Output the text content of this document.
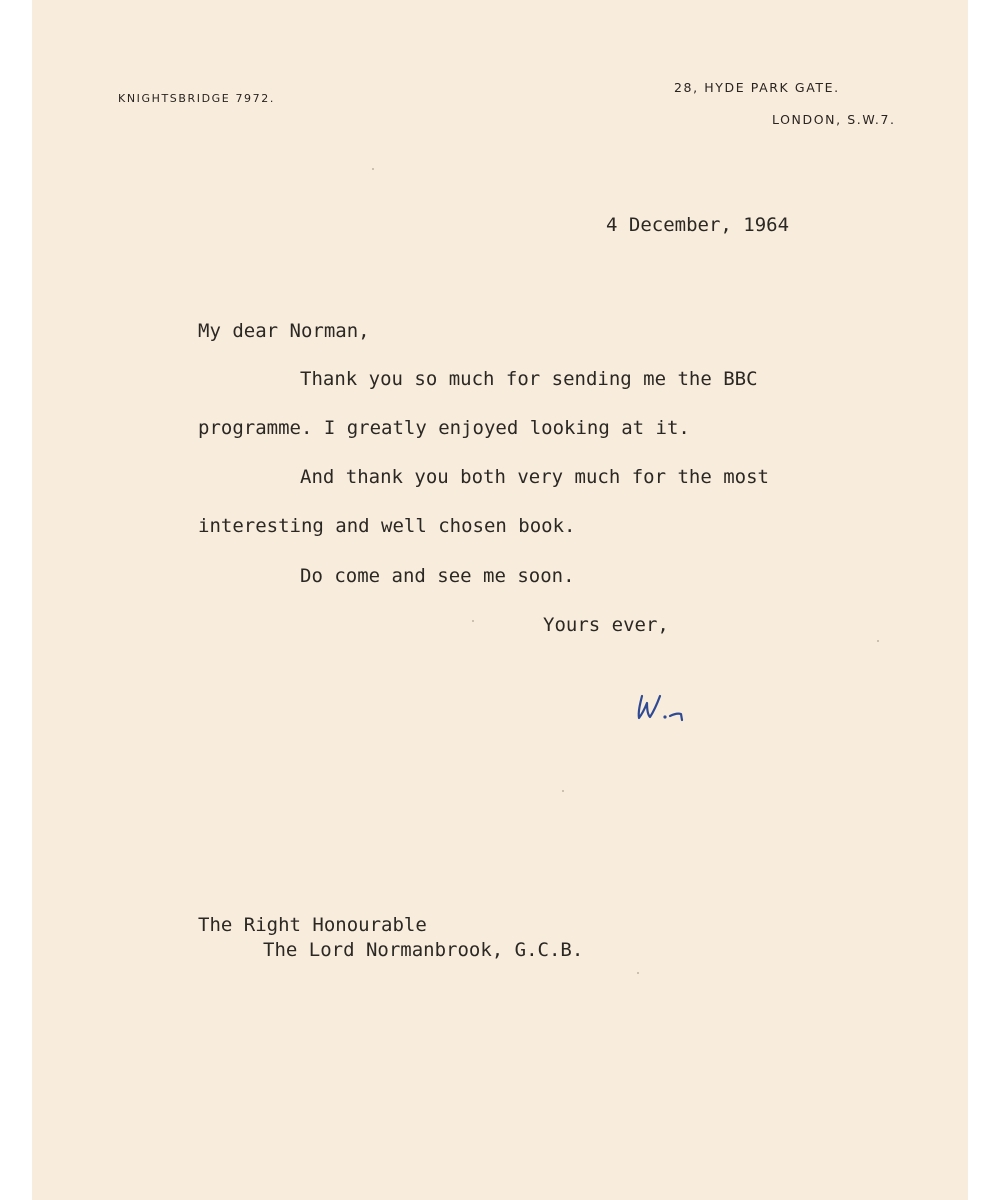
KNIGHTSBRIDGE 7972.
28, HYDE PARK GATE.
LONDON, S.W.7.
4 December, 1964
My dear Norman,
Thank you so much for sending me the BBC
programme. I greatly enjoyed looking at it.
And thank you both very much for the most
interesting and well chosen book.
Do come and see me soon.
Yours ever,
The Right Honourable
The Lord Normanbrook, G.C.B.
